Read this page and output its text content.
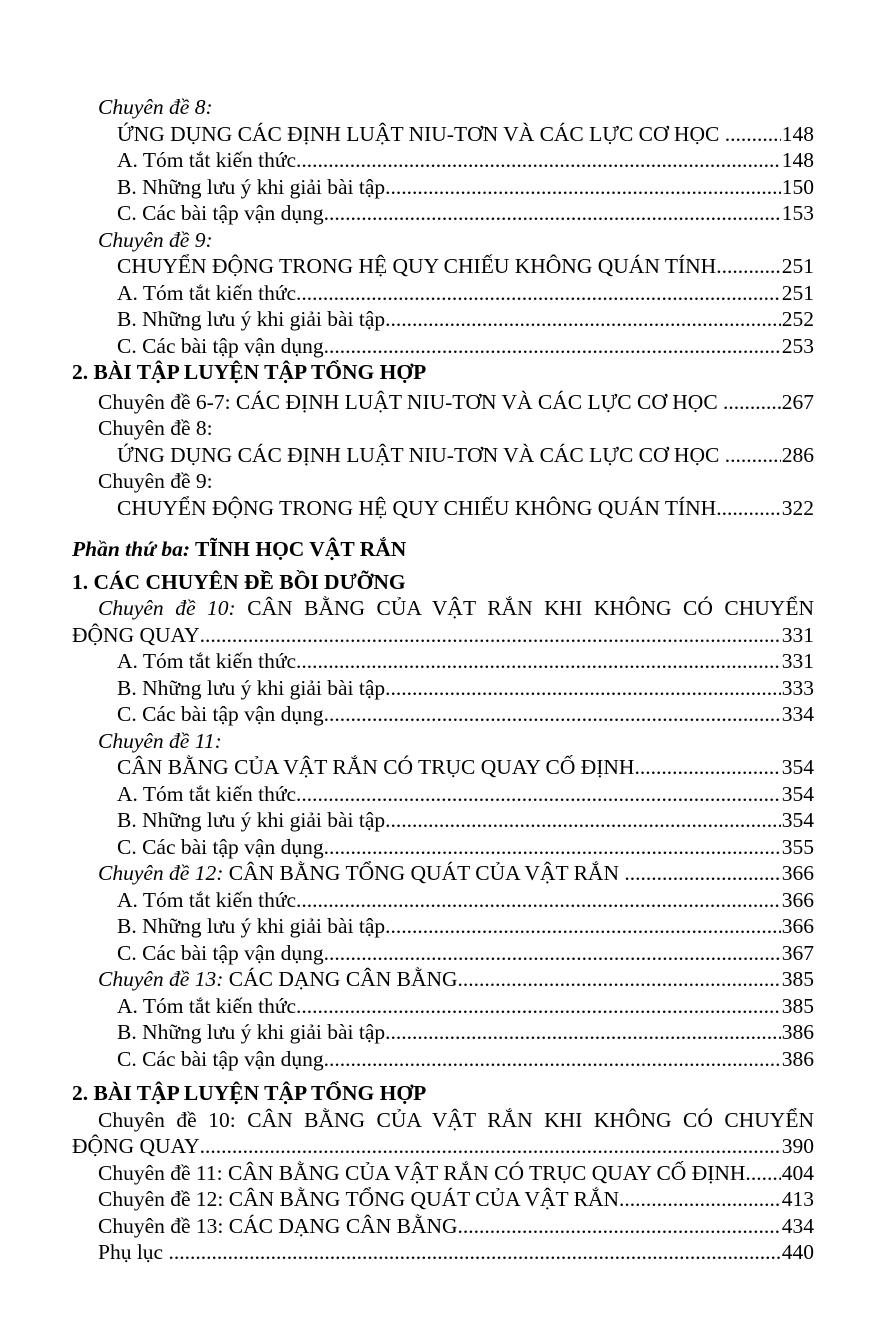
Chuyên đề 8:
ỨNG DỤNG CÁC ĐỊNH LUẬT NIU-TƠN VÀ CÁC LỰC CƠ HỌC .....	148
A. Tóm tắt kiến thức .....	148
B. Những lưu ý khi giải bài tập .....	150
C. Các bài tập vận dụng .....	153
Chuyên đề 9:
CHUYỂN ĐỘNG TRONG HỆ QUY CHIẾU KHÔNG QUÁN TÍNH .....	251
A. Tóm tắt kiến thức .....	251
B. Những lưu ý khi giải bài tập .....	252
C. Các bài tập vận dụng .....	253
2. BÀI TẬP LUYỆN TẬP TỔNG HỢP
Chuyên đề 6-7: CÁC ĐỊNH LUẬT NIU-TƠN VÀ CÁC LỰC CƠ HỌC .....	267
Chuyên đề 8:
ỨNG DỤNG CÁC ĐỊNH LUẬT NIU-TƠN VÀ CÁC LỰC CƠ HỌC .....	286
Chuyên đề 9:
CHUYỂN ĐỘNG TRONG HỆ QUY CHIẾU KHÔNG QUÁN TÍNH .....	322
Phần thứ ba: TĨNH HỌC VẬT RẮN
1. CÁC CHUYÊN ĐỀ BỒI DƯỠNG
Chuyên đề 10: CÂN BẰNG CỦA VẬT RẮN KHI KHÔNG CÓ CHUYỂN
ĐỘNG QUAY .....	331
A. Tóm tắt kiến thức .....	331
B. Những lưu ý khi giải bài tập .....	333
C. Các bài tập vận dụng .....	334
Chuyên đề 11:
CÂN BẰNG CỦA VẬT RẮN CÓ TRỤC QUAY CỐ ĐỊNH .....	354
A. Tóm tắt kiến thức .....	354
B. Những lưu ý khi giải bài tập .....	354
C. Các bài tập vận dụng .....	355
Chuyên đề 12: CÂN BẰNG TỔNG QUÁT CỦA VẬT RẮN .....	366
A. Tóm tắt kiến thức .....	366
B. Những lưu ý khi giải bài tập .....	366
C. Các bài tập vận dụng .....	367
Chuyên đề 13: CÁC DẠNG CÂN BẰNG .....	385
A. Tóm tắt kiến thức .....	385
B. Những lưu ý khi giải bài tập .....	386
C. Các bài tập vận dụng .....	386
2. BÀI TẬP LUYỆN TẬP TỔNG HỢP
Chuyên đề 10: CÂN BẰNG CỦA VẬT RẮN KHI KHÔNG CÓ CHUYỂN
ĐỘNG QUAY .....	390
Chuyên đề 11: CÂN BẰNG CỦA VẬT RẮN CÓ TRỤC QUAY CỐ ĐỊNH. ..... 404
Chuyên đề 12: CÂN BẰNG TỔNG QUÁT CỦA VẬT RẮN .....	413
Chuyên đề 13: CÁC DẠNG CÂN BẰNG .....	434
Phụ lục .....	440
